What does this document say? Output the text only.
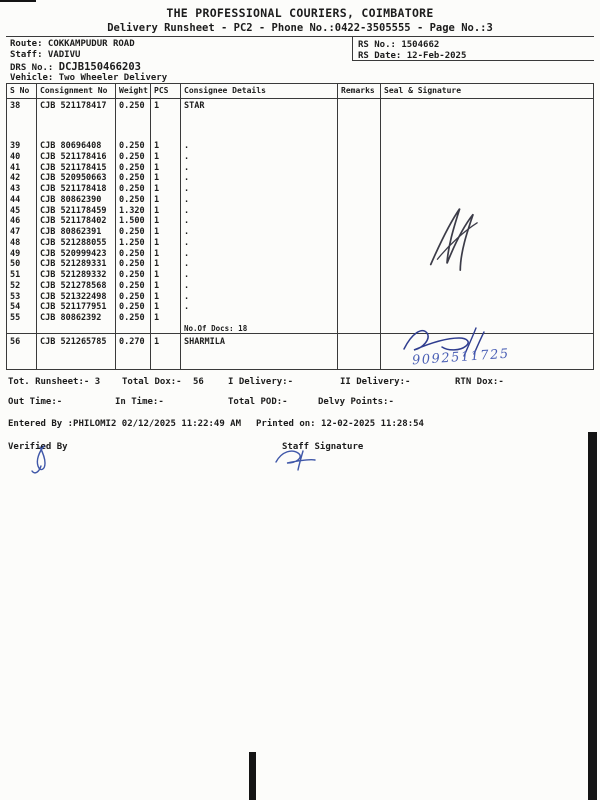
THE PROFESSIONAL COURIERS, COIMBATORE
Delivery Runsheet - PC2 - Phone No.:0422-3505555 - Page No.:3
Route: COKKAMPUDUR ROAD	RS No.: 1504662
Staff: VADIVU	RS Date: 12-Feb-2025
DRS No.: DCJB150466203
Vehicle: Two Wheeler Delivery
S No	Consignment No	Weight PCS	Consignee Details	Remarks	Seal & Signature
38	CJB 521178417	0.250	1	STAR
39	CJB 80696408	0.250	1	.
40	CJB 521178416	0.250	1	.
41	CJB 521178415	0.250	1	.
42	CJB 520950663	0.250	1	.
43	CJB 521178418	0.250	1	.
44	CJB 80862390	0.250	1	.
45	CJB 521178459	1.320	1	.
46	CJB 521178402	1.500	1	.
47	CJB 80862391	0.250	1	.
48	CJB 521288055	1.250	1	.
49	CJB 520999423	0.250	1	.
50	CJB 521289331	0.250	1	.
51	CJB 521289332	0.250	1	.
52	CJB 521278568	0.250	1	.
53	CJB 521322498	0.250	1	.
54	CJB 521177951	0.250	1	.
55	CJB 80862392	0.250	1
No.Of Docs: 18
56	CJB 521265785	0.270	1	SHARMILA
9092511725
Tot. Runsheet:- 3 Total Dox:- 56	I Delivery:-	II Delivery:-	RTN Dox:-
Out Time:-	In Time:-	Total POD:-	Delvy Points:-
Entered By :PHILOMI2 02/12/2025 11:22:49 AM Printed on: 12-02-2025 11:28:54
Verified By	Staff Signature
